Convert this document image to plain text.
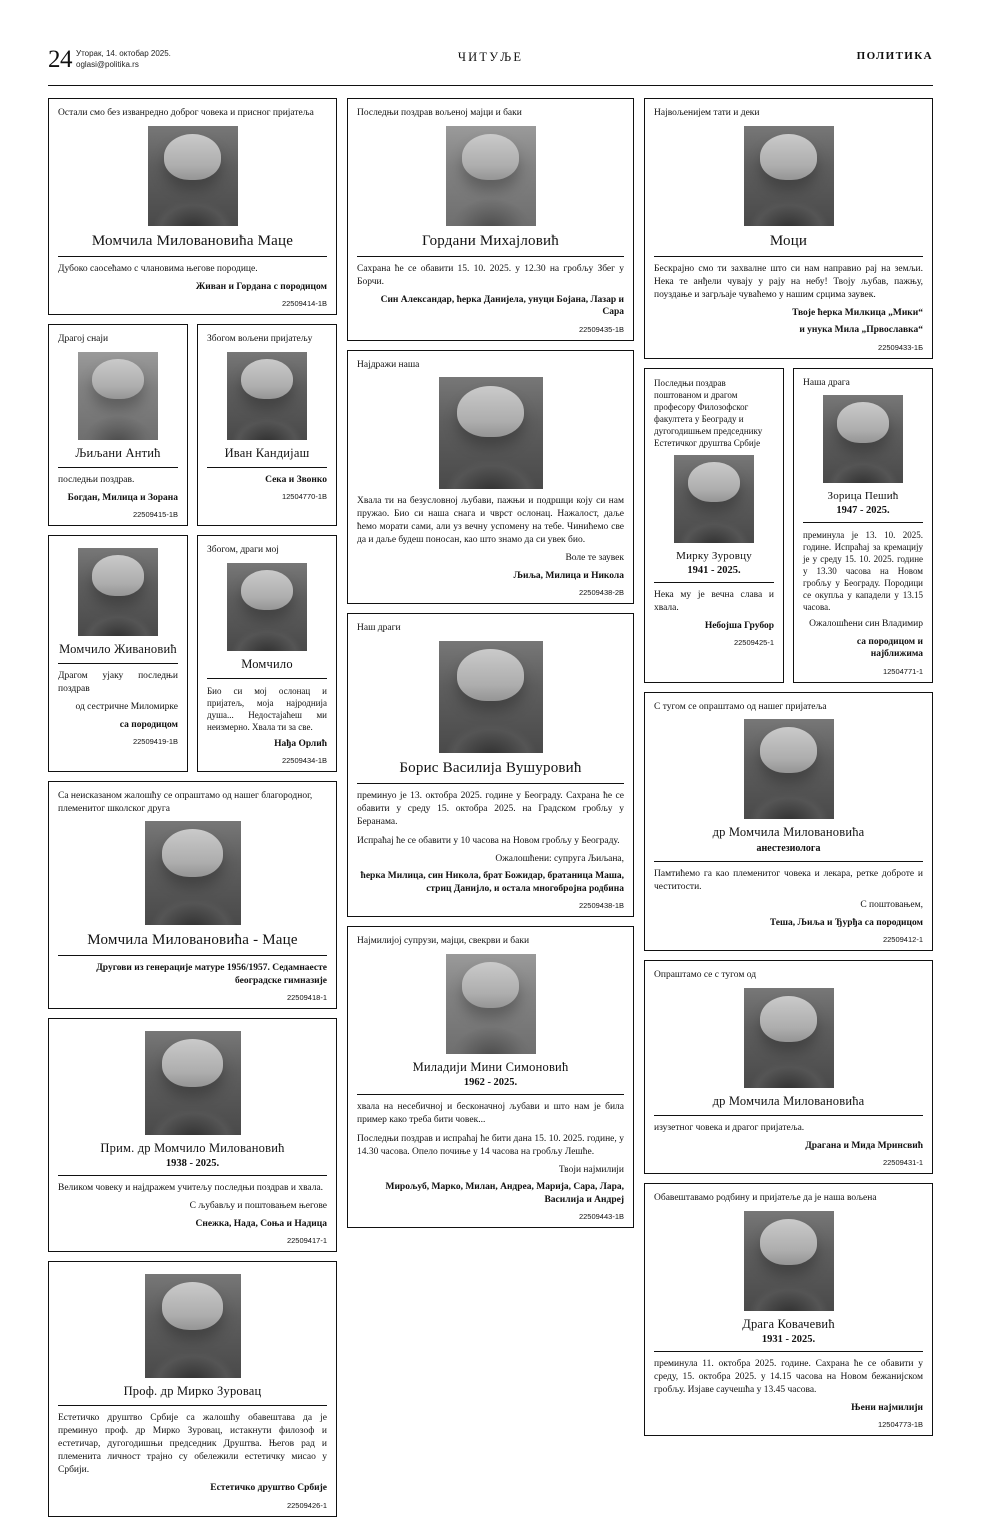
24 Уторак, 14. октобар 2025.
oglasi@politika.rs
ЧИТУЉЕ	ПОЛИТИКА
Остали смо без изванредно доброг човека и присног пријатеља
Момчила Миловановића Маце
Дубоко саосећамо с члановима његове породице.
Живан и Гордана с породицом
22509414-1В
Драгој снаји
Љиљани Антић
последњи поздрав.
Богдан, Милица и Зорана
22509415-1В
Збогом вољени пријатељу
Иван Кандијаш
Сека и Звонко
12504770-1В
Момчило Живановић
Драгом ујаку последњи поздрав
од сестричне Миломирке
са породицом
22509419-1В
Збогом, драги мој
Момчило
Био си мој ослонац и пријатељ, моја најроднија душа... Недостајаћеш ми неизмерно. Хвала ти за све.
Нађа Орлић
22509434-1В
Са неисказаном жалошћу се опраштамо од нашег благородног, племенитог школског друга
Момчила Миловановића - Маце
Другови из генерације матуре 1956/1957. Седамнаесте београдске гимназије
22509418-1
Прим. др Момчило Миловановић
1938 - 2025.
Великом човеку и најдражем учитељу последњи поздрав и хвала.
С љубављу и поштовањем његове
Снежка, Нада, Соња и Надица
22509417-1
Проф. др Мирко Зуровац
Естетичко друштво Србије са жалошћу обавештава да је преминуо проф. др Мирко Зуровац, истакнути филозоф и естетичар, дугогодишњи председник Друштва. Његов рад и племенита личност трајно су обележили естетичку мисао у Србији.
Естетичко друштво Србије
22509426-1
Последњи поздрав вољеној мајци и баки
Гордани Михајловић
Сахрана ће се обавити 15. 10. 2025. у 12.30 на гробљу Збег у Борчи.
Син Александар, ћерка Данијела, унуци Бојана, Лазар и Сара
22509435-1В
Најдражи наша
Хвала ти на безусловној љубави, пажњи и подршци коју си нам пружао. Био си наша снага и чврст ослонац. Нажалост, даље ћемо морати сами, али уз вечну успомену на тебе. Чинићемо све да и даље будеш поносан, као што знамо да си увек био.
Воле те заувек
Љиља, Милица и Никола
22509438-2В
Наш драги
Борис Василија Вушуровић
преминуо је 13. октобра 2025. године у Београду. Сахрана ће се обавити у среду 15. октобра 2025. на Градском гробљу у Беранама.
Испраћај ће се обавити у 10 часова на Новом гробљу у Београду.
Ожалошћени: супруга Љиљана,
ћерка Милица, син Никола, брат Божидар, братаница Маша, стриц Данијло, и остала многобројна родбина
22509438-1В
Најмилијој супрузи, мајци, свекрви и баки
Миладији Мини Симоновић
1962 - 2025.
хвала на несебичној и бесконачној љубави и што нам је била пример како треба бити човек...
Последњи поздрав и испраћај ће бити дана 15. 10. 2025. године, у 14.30 часова. Опело почиње у 14 часова на гробљу Лешће.
Твоји најмилији
Мирољуб, Марко, Милан, Андреа, Марија, Сара, Лара, Василија и Андреј
22509443-1В
Највољенијем тати и деки
Моци
Бескрајно смо ти захвалне што си нам направио рај на земљи. Нека те анђели чувају у рају на небу! Твоју љубав, пажњу, поуздање и загрљаје чуваћемо у нашим срцима заувек.
Твоје ћерка Милкица „Мики“
и унука Мила „Првославка“
22509433-1Б
Последњи поздрав поштованом и драгом професору Филозофског факултета у Београду и дугогодишњем председнику Естетичког друштва Србије
Мирку Зуровцу
1941 - 2025.
Нека му је вечна слава и хвала.
Небојша Грубор
22509425-1
Наша драга
Зорица Пешић
1947 - 2025.
преминула је 13. 10. 2025. године. Испраћај за кремацију је у среду 15. 10. 2025. године у 13.30 часова на Новом гробљу у Београду. Породици се окупља у кападели у 13.15 часова.
Ожалошћени син Владимир
са породицом и најближима
12504771-1
С тугом се опраштамо од нашег пријатеља
др Момчила Миловановића
анестезиолога
Памтићемо га као племенитог човека и лекара, ретке доброте и честитости.
С поштовањем,
Теша, Љиља и Ђурђа са породицом
22509412-1
Опраштамо се с тугом од
др Момчила Миловановића
изузетног човека и драгог пријатеља.
Драгана и Мида Мринсвић
22509431-1
Обавештавамо родбину и пријатеље да је наша вољена
Драга Ковачевић
1931 - 2025.
преминула 11. октобра 2025. године. Сахрана ће се обавити у среду, 15. октобра 2025. у 14.15 часова на Новом бежанијском гробљу. Изјаве саучешћа у 13.45 часова.
Њени најмилији
12504773-1В
